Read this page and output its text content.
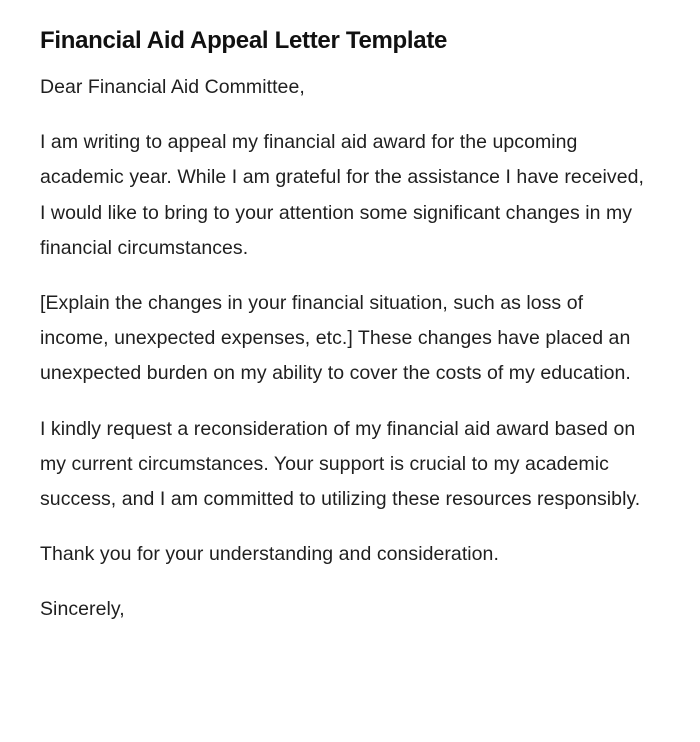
Financial Aid Appeal Letter Template

Dear Financial Aid Committee,

I am writing to appeal my financial aid award for the upcoming academic year. While I am grateful for the assistance I have received, I would like to bring to your attention some significant changes in my financial circumstances.

[Explain the changes in your financial situation, such as loss of income, unexpected expenses, etc.] These changes have placed an unexpected burden on my ability to cover the costs of my education.

I kindly request a reconsideration of my financial aid award based on my current circumstances. Your support is crucial to my academic success, and I am committed to utilizing these resources responsibly.

Thank you for your understanding and consideration.

Sincerely,
